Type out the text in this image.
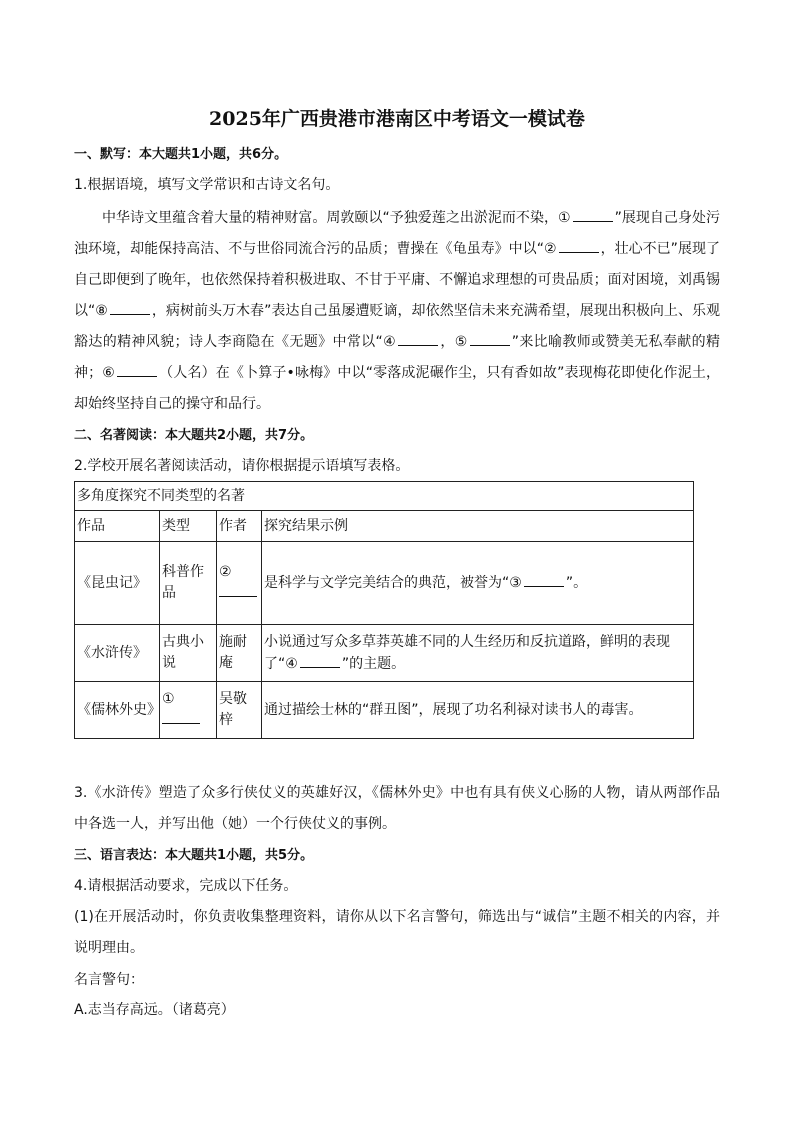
2025年广西贵港市港南区中考语文一模试卷
一、默写：本大题共1小题，共6分。
1.根据语境，填写文学常识和古诗文名句。
中华诗文里蕴含着大量的精神财富。周敦颐以“予独爱莲之出淤泥而不染，①	”展现自己身处污浊环境，却能保持高洁、不与世俗同流合污的品质；曹操在《龟虽寿》中以“②	，壮心不已”展现了自己即便到了晚年，也依然保持着积极进取、不甘于平庸、不懈追求理想的可贵品质；面对困境，刘禹锡以“⑧	，病树前头万木春”表达自己虽屡遭贬谪，却依然坚信未来充满希望，展现出积极向上、乐观豁达的精神风貌；诗人李商隐在《无题》中常以“④	，⑤	”来比喻教师或赞美无私奉献的精神；⑥	（人名）在《卜算子•咏梅》中以“零落成泥碾作尘，只有香如故”表现梅花即使化作泥土，却始终坚持自己的操守和品行。
二、名著阅读：本大题共2小题，共7分。
2.学校开展名著阅读活动，请你根据提示语填写表格。
多角度探究不同类型的名著			
作品	类型	作者	探究结果示例
《昆虫记》	科普作品	②	是科学与文学完美结合的典范，被誉为“③ ”。
《水浒传》	古典小说	施耐庵	小说通过写众多草莽英雄不同的人生经历和反抗道路，鲜明的表现了“④ ”的主题。
《儒林外史》	①	吴敬梓	通过描绘士林的“群丑图”，展现了功名利禄对读书人的毒害。
3.《水浒传》塑造了众多行侠仗义的英雄好汉，《儒林外史》中也有具有侠义心肠的人物，请从两部作品中各选一人，并写出他（她）一个行侠仗义的事例。
三、语言表达：本大题共1小题，共5分。
4.请根据活动要求，完成以下任务。
(1)在开展活动时，你负责收集整理资料，请你从以下名言警句，筛选出与“诚信”主题不相关的内容，并说明理由。
名言警句：
A.志当存高远。（诸葛亮）
